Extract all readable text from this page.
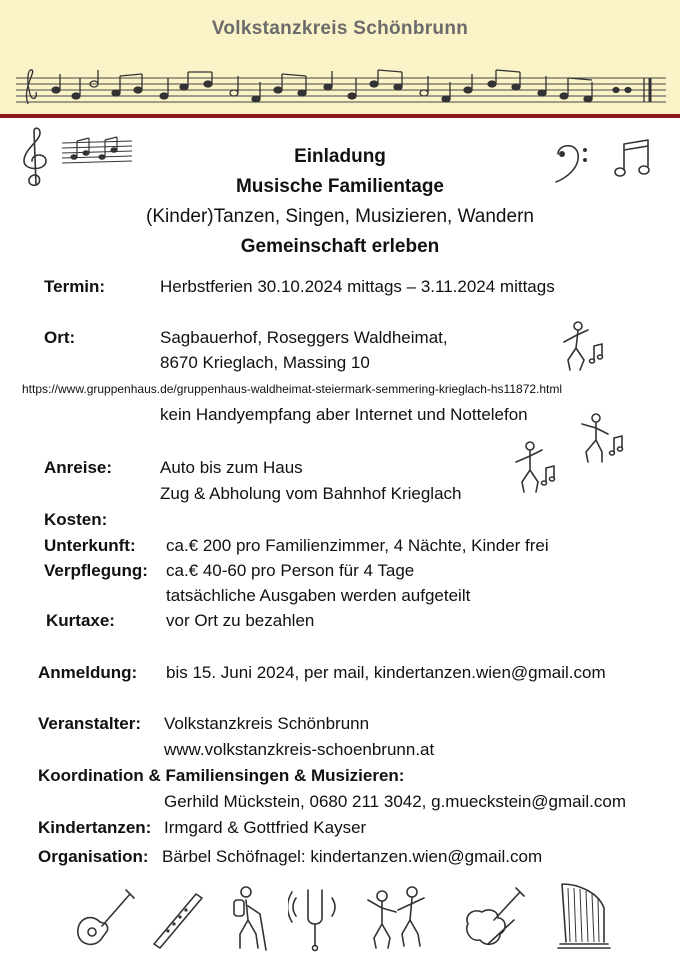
Volkstanzkreis Schönbrunn
Einladung
Musische Familientage
(Kinder)Tanzen, Singen, Musizieren, Wandern
Gemeinschaft erleben
Termin:	Herbstferien 30.10.2024 mittags – 3.11.2024 mittags
Ort:	Sagbauerhof, Roseggers Waldheimat,
8670 Krieglach, Massing 10
https://www.gruppenhaus.de/gruppenhaus-waldheimat-steiermark-semmering-krieglach-hs11872.html
kein Handyempfang aber Internet und Nottelefon
Anreise:	Auto bis zum Haus
Zug & Abholung vom Bahnhof Krieglach
Kosten:
Unterkunft: ca.€ 200 pro Familienzimmer, 4 Nächte, Kinder frei
Verpflegung: ca.€ 40-60 pro Person für 4 Tage
tatsächliche Ausgaben werden aufgeteilt
Kurtaxe:	vor Ort zu bezahlen
Anmeldung: bis 15. Juni 2024, per mail, kindertanzen.wien@gmail.com
Veranstalter: Volkstanzkreis Schönbrunn
www.volkstanzkreis-schoenbrunn.at
Koordination & Familiensingen & Musizieren:
Gerhild Mückstein, 0680 211 3042, g.mueckstein@gmail.com
Kindertanzen: Irmgard & Gottfried Kayser
Organisation: Bärbel Schöfnagel: kindertanzen.wien@gmail.com
